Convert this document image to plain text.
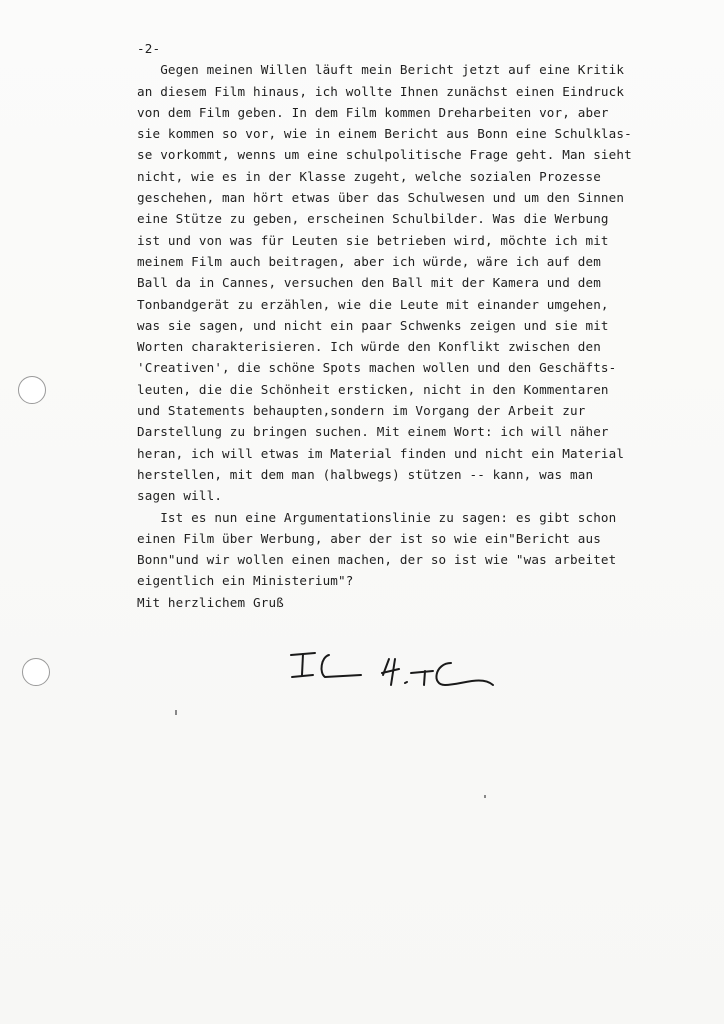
-2-
Gegen meinen Willen läuft mein Bericht jetzt auf eine Kritik
an diesem Film hinaus, ich wollte Ihnen zunächst einen Eindruck
von dem Film geben. In dem Film kommen Dreharbeiten vor, aber
sie kommen so vor, wie in einem Bericht aus Bonn eine Schulklas-
se vorkommt, wenns um eine schulpolitische Frage geht. Man sieht
nicht, wie es in der Klasse zugeht, welche sozialen Prozesse
geschehen, man hört etwas über das Schulwesen und um den Sinnen
eine Stütze zu geben, erscheinen Schulbilder. Was die Werbung
ist und von was für Leuten sie betrieben wird, möchte ich mit
meinem Film auch beitragen, aber ich würde, wäre ich auf dem
Ball da in Cannes, versuchen den Ball mit der Kamera und dem
Tonbandgerät zu erzählen, wie die Leute mit einander umgehen,
was sie sagen, und nicht ein paar Schwenks zeigen und sie mit
Worten charakterisieren. Ich würde den Konflikt zwischen den
'Creativen', die schöne Spots machen wollen und den Geschäfts-
leuten, die die Schönheit ersticken, nicht in den Kommentaren
und Statements behaupten,sondern im Vorgang der Arbeit zur
Darstellung zu bringen suchen. Mit einem Wort: ich will näher
heran, ich will etwas im Material finden und nicht ein Material
herstellen, mit dem man (halbwegs) stützen -- kann, was man
sagen will.
Ist es nun eine Argumentationslinie zu sagen: es gibt schon
einen Film über Werbung, aber der ist so wie ein"Bericht aus
Bonn"und wir wollen einen machen, der so ist wie "was arbeitet
eigentlich ein Ministerium"?
Mit herzlichem Gruß
